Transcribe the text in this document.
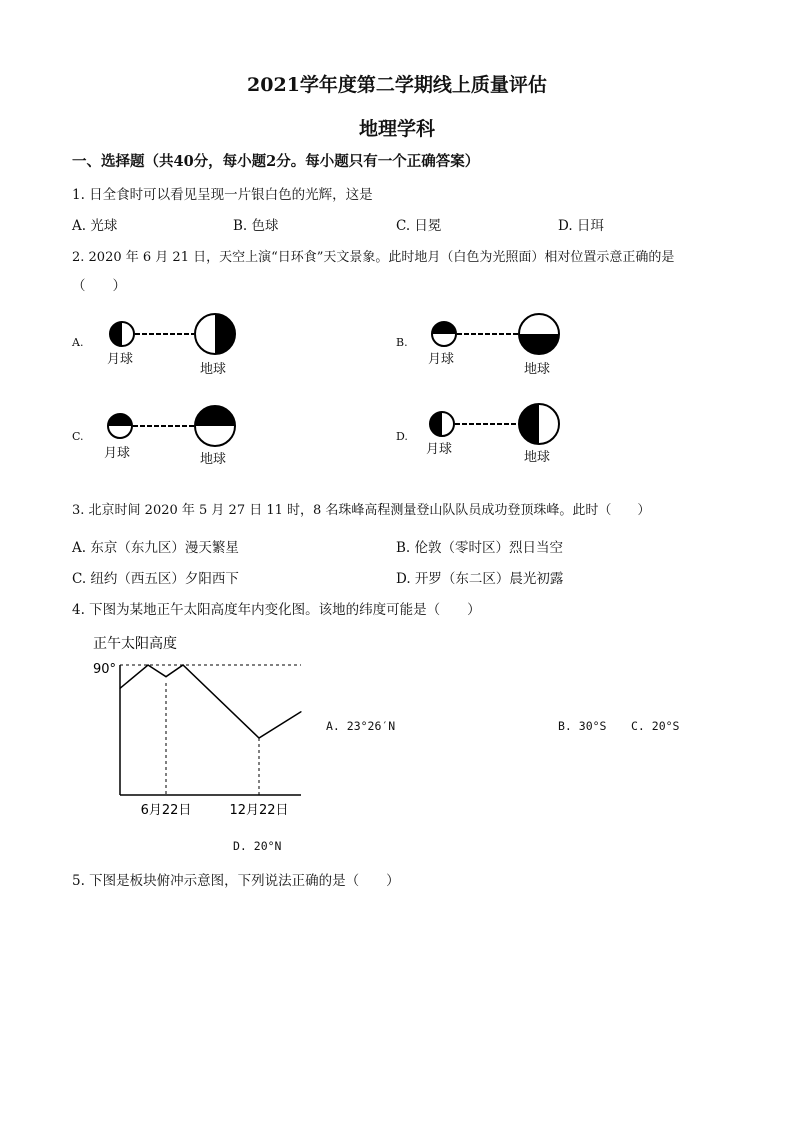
2021学年度第二学期线上质量评估
地理学科
一、选择题（共40分，每小题2分。每小题只有一个正确答案）
1. 日全食时可以看见呈现一片银白色的光辉，这是
A. 光球	B. 色球	C. 日冕	D. 日珥
2. 2020 年 6 月 21 日，天空上演“日环食”天文景象。此时地月（白色为光照面）相对位置示意正确的是
（　　）
A.
月球
地球
B.
月球
地球
C.
月球	地球
D.
月球
地球
3. 北京时间 2020 年 5 月 27 日 11 时，8 名珠峰高程测量登山队队员成功登顶珠峰。此时（　　）
A. 东京（东九区）漫天繁星	B. 伦敦（零时区）烈日当空
C. 纽约（西五区）夕阳西下	D. 开罗（东二区）晨光初露
4. 下图为某地正午太阳高度年内变化图。该地的纬度可能是（　　）
正午太阳高度
90°
6月22日	12月22日
A. 23°26′N	B. 30°S C. 20°S
D. 20°N
5. 下图是板块俯冲示意图，下列说法正确的是（　　）
